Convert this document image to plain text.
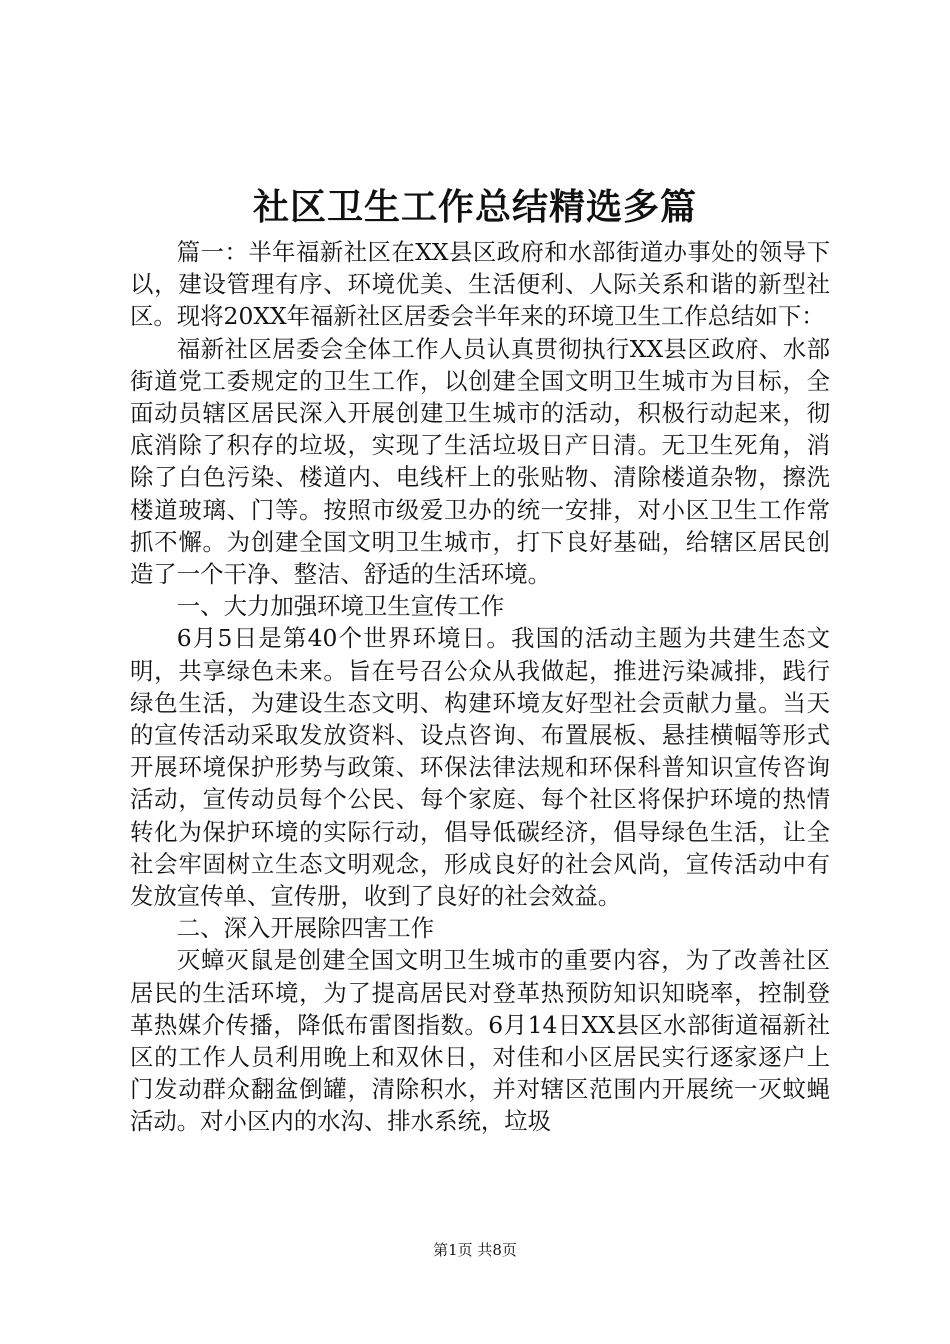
社区卫生工作总结精选多篇

篇一：半年福新社区在XX县区政府和水部街道办事处的领导下以，建设管理有序、环境优美、生活便利、人际关系和谐的新型社区。现将20XX年福新社区居委会半年来的环境卫生工作总结如下：

福新社区居委会全体工作人员认真贯彻执行XX县区政府、水部街道党工委规定的卫生工作，以创建全国文明卫生城市为目标，全面动员辖区居民深入开展创建卫生城市的活动，积极行动起来，彻底消除了积存的垃圾，实现了生活垃圾日产日清。无卫生死角，消除了白色污染、楼道内、电线杆上的张贴物、清除楼道杂物，擦洗楼道玻璃、门等。按照市级爱卫办的统一安排，对小区卫生工作常抓不懈。为创建全国文明卫生城市，打下良好基础，给辖区居民创造了一个干净、整洁、舒适的生活环境。

一、大力加强环境卫生宣传工作

6月5日是第40个世界环境日。我国的活动主题为共建生态文明，共享绿色未来。旨在号召公众从我做起，推进污染减排，践行绿色生活，为建设生态文明、构建环境友好型社会贡献力量。当天的宣传活动采取发放资料、设点咨询、布置展板、悬挂横幅等形式开展环境保护形势与政策、环保法律法规和环保科普知识宣传咨询活动，宣传动员每个公民、每个家庭、每个社区将保护环境的热情转化为保护环境的实际行动，倡导低碳经济，倡导绿色生活，让全社会牢固树立生态文明观念，形成良好的社会风尚，宣传活动中有发放宣传单、宣传册，收到了良好的社会效益。

二、深入开展除四害工作

灭蟑灭鼠是创建全国文明卫生城市的重要内容，为了改善社区居民的生活环境，为了提高居民对登革热预防知识知晓率，控制登革热媒介传播，降低布雷图指数。6月14日XX县区水部街道福新社区的工作人员利用晚上和双休日，对佳和小区居民实行逐家逐户上门发动群众翻盆倒罐，清除积水，并对辖区范围内开展统一灭蚊蝇活动。对小区内的水沟、排水系统，垃圾

第1页 共8页
